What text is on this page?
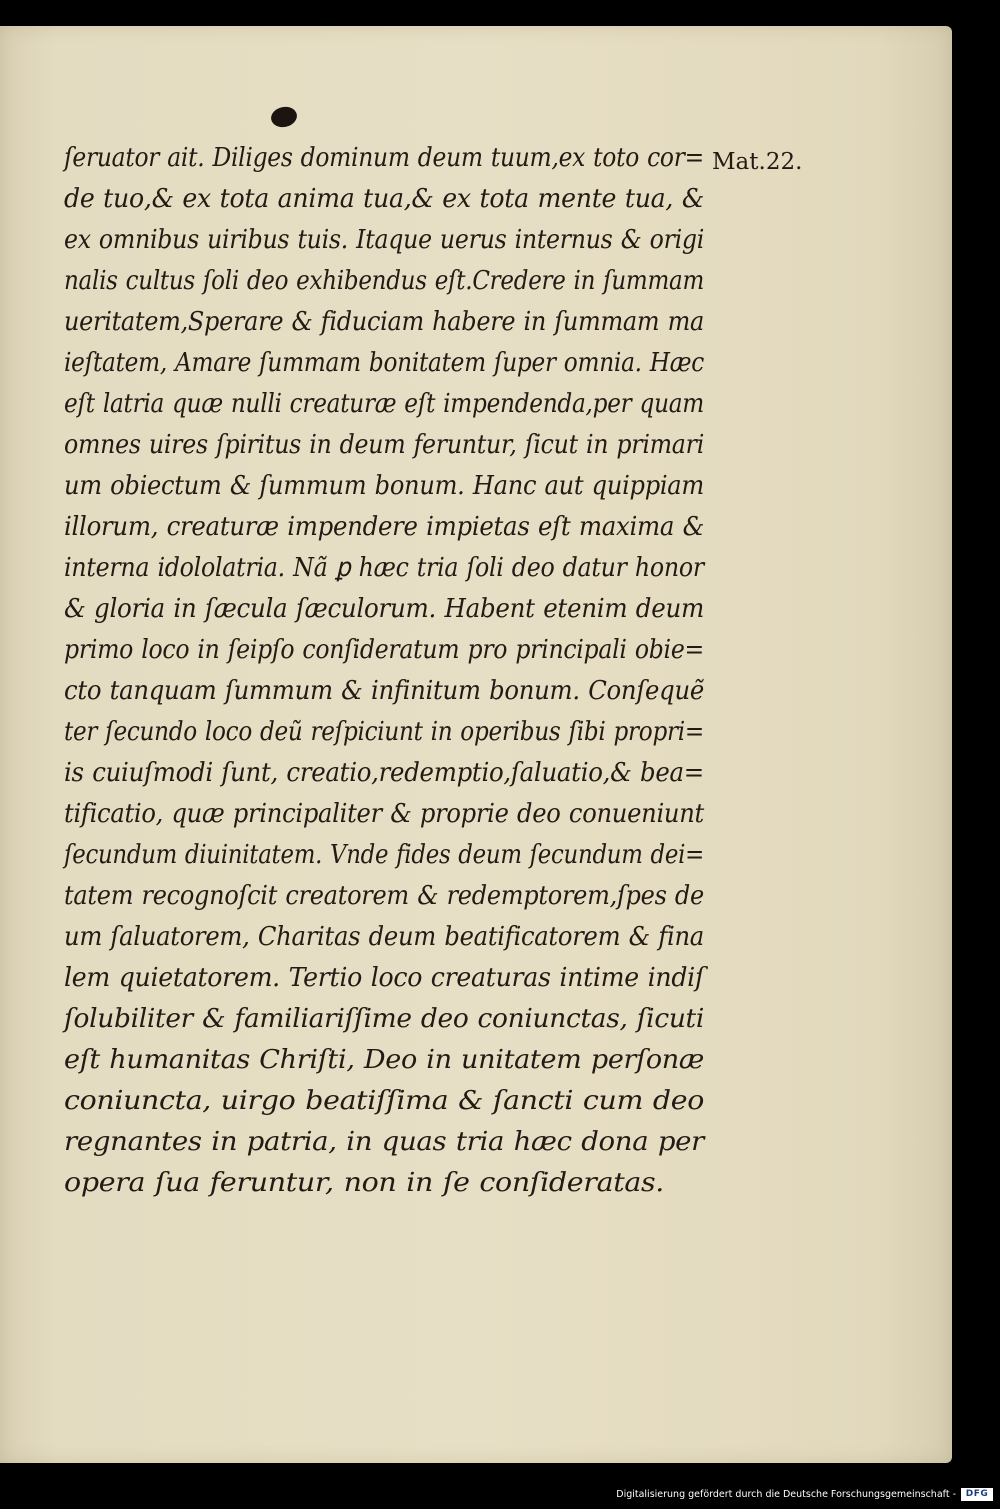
ſeruator ait. Diliges dominum deum tuum,ex toto cor=
de tuo,& ex tota anima tua,& ex tota mente tua, &
ex omnibus uiribus tuis. Itaque uerus internus & origi
nalis cultus ſoli deo exhibendus eſt.Credere in ſummam
ueritatem,Sperare & fiduciam habere in ſummam ma
ieſtatem, Amare ſummam bonitatem ſuper omnia. Hæc
eſt latria quæ nulli creaturæ eſt impendenda,per quam
omnes uires ſpiritus in deum feruntur, ſicut in primari
um obiectum & ſummum bonum. Hanc aut quippiam
illorum, creaturæ impendere impietas eſt maxima &
interna idololatria. Nã ꝑ hæc tria ſoli deo datur honor
& gloria in ſæcula ſæculorum. Habent etenim deum
primo loco in ſeipſo conſideratum pro principali obie=
cto tanquam ſummum & infinitum bonum. Conſequẽ
ter ſecundo loco deũ reſpiciunt in operibus ſibi propri=
is cuiuſmodi ſunt, creatio,redemptio,ſaluatio,& bea=
tificatio, quæ principaliter & proprie deo conueniunt
ſecundum diuinitatem. Vnde fides deum ſecundum dei=
tatem recognoſcit creatorem & redemptorem,ſpes de
um ſaluatorem, Charitas deum beatificatorem & fina
lem quietatorem. Tertio loco creaturas intime indiſ
ſolubiliter & familiariſſime deo coniunctas, ſicuti
eſt humanitas Chriſti, Deo in unitatem perſonæ
coniuncta, uirgo beatiſſima & ſancti cum deo
regnantes in patria, in quas tria hæc dona per
opera ſua feruntur, non in ſe conſideratas.
Mat.22.
Digitalisierung gefördert durch die Deutsche Forschungsgemeinschaft -	DFG
